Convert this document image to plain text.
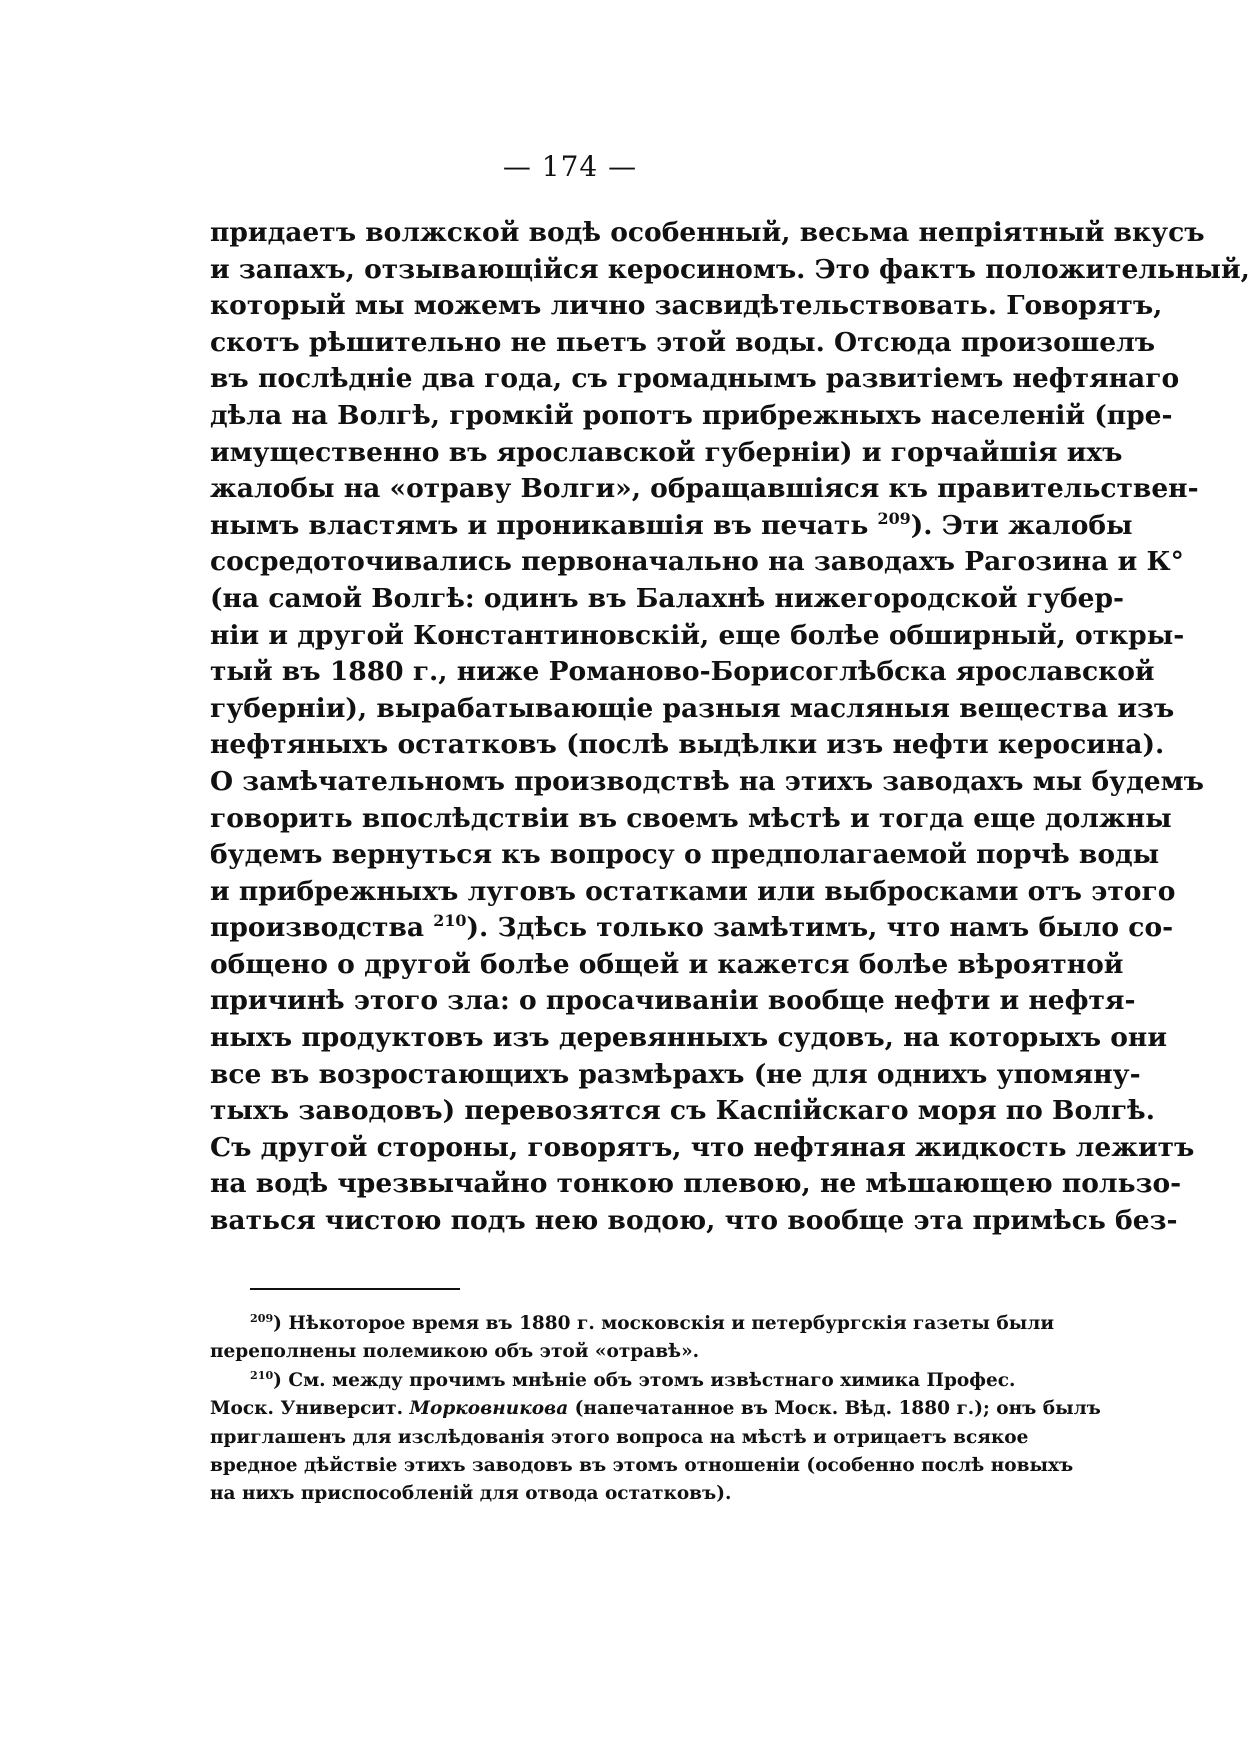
— 174 —
придаетъ волжской водѣ особенный, весьма непріятный вкусъ
и запахъ, отзывающійся керосиномъ. Это фактъ положительный,
который мы можемъ лично засвидѣтельствовать. Говорятъ,
скотъ рѣшительно не пьетъ этой воды. Отсюда произошелъ
въ послѣдніе два года, съ громаднымъ развитіемъ нефтянаго
дѣла на Волгѣ, громкій ропотъ прибрежныхъ населеній (пре-
имущественно въ ярославской губерніи) и горчайшія ихъ
жалобы на «отраву Волги», обращавшіяся къ правительствен-
нымъ властямъ и проникавшія въ печать $^{209}$). Эти жалобы
сосредоточивались первоначально на заводахъ Рагозина и К°
(на самой Волгѣ: одинъ въ Балахнѣ нижегородской губер-
ніи и другой Константиновскій, еще болѣе обширный, откры-
тый въ 1880 г., ниже Романово-Борисоглѣбска ярославской
губерніи), вырабатывающіе разныя масляныя вещества изъ
нефтяныхъ остатковъ (послѣ выдѣлки изъ нефти керосина).
О замѣчательномъ производствѣ на этихъ заводахъ мы будемъ
говорить впослѣдствіи въ своемъ мѣстѣ и тогда еще должны
будемъ вернуться къ вопросу о предполагаемой порчѣ воды
и прибрежныхъ луговъ остатками или выбросками отъ этого
производства $^{210}$). Здѣсь только замѣтимъ, что намъ было со-
общено о другой болѣе общей и кажется болѣе вѣроятной
причинѣ этого зла: о просачиваніи вообще нефти и нефтя-
ныхъ продуктовъ изъ деревянныхъ судовъ, на которыхъ они
все въ возростающихъ размѣрахъ (не для однихъ упомяну-
тыхъ заводовъ) перевозятся съ Каспійскаго моря по Волгѣ.
Съ другой стороны, говорятъ, что нефтяная жидкость лежитъ
на водѣ чрезвычайно тонкою плевою, не мѣшающею пользо-
ваться чистою подъ нею водою, что вообще эта примѣсь без-
$^{209}$) Нѣкоторое время въ 1880 г. московскія и петербургскія газеты были
переполнены полемикою объ этой «отравѣ».
$^{210}$) См. между прочимъ мнѣніе объ этомъ извѣстнаго химика Профес.
Моск. Университ. Морковникова (напечатанное въ Моск. Вѣд. 1880 г.); онъ былъ
приглашенъ для изслѣдованія этого вопроса на мѣстѣ и отрицаетъ всякое
вредное дѣйствіе этихъ заводовъ въ этомъ отношеніи (особенно послѣ новыхъ
на нихъ приспособленій для отвода остатковъ).
